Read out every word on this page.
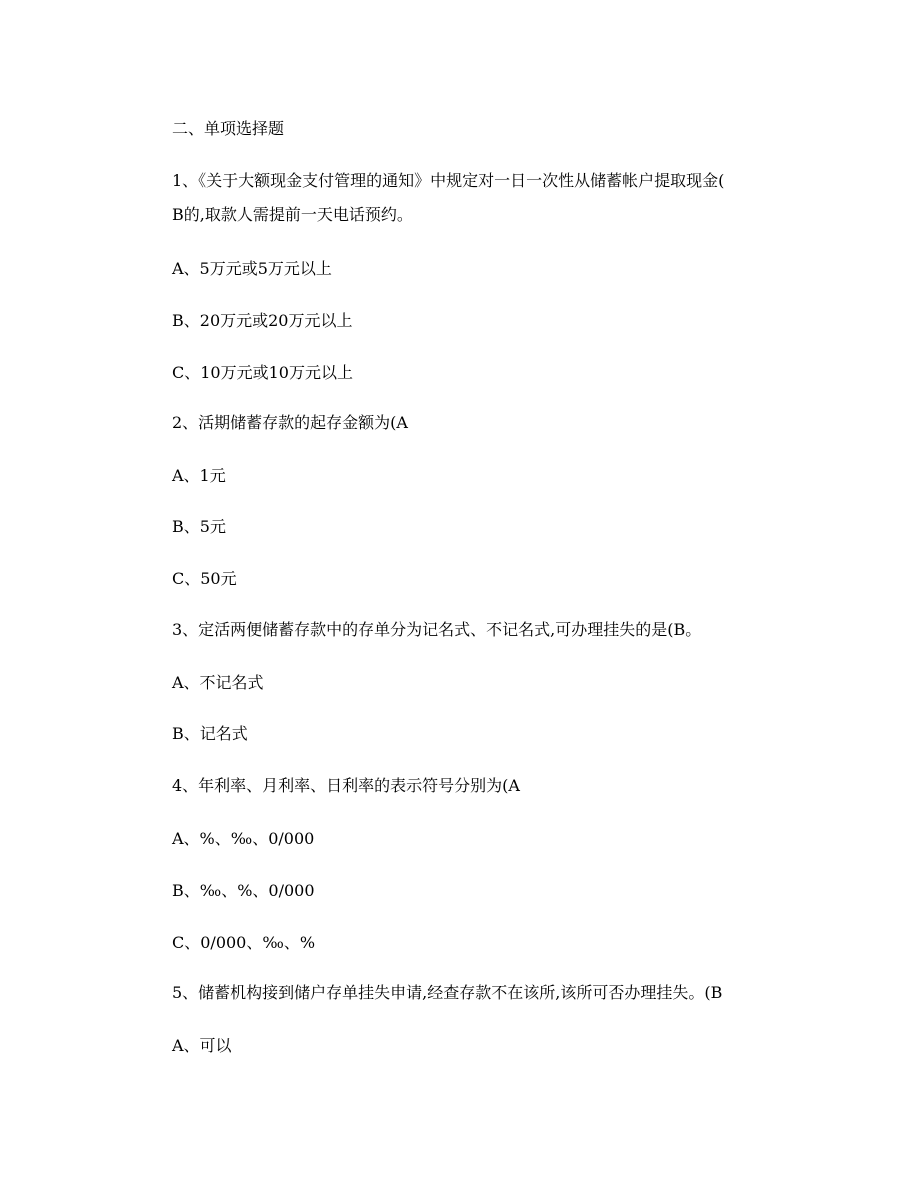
二、单项选择题
1、《关于大额现金支付管理的通知》中规定对一日一次性从储蓄帐户提取现金(
B的,取款人需提前一天电话预约。
A、5万元或5万元以上
B、20万元或20万元以上
C、10万元或10万元以上
2、活期储蓄存款的起存金额为(A
A、1元
B、5元
C、50元
3、定活两便储蓄存款中的存单分为记名式、不记名式,可办理挂失的是(B。
A、不记名式
B、记名式
4、年利率、月利率、日利率的表示符号分别为(A
A、%、‰、0/000
B、‰、%、0/000
C、0/000、‰、%
5、储蓄机构接到储户存单挂失申请,经查存款不在该所,该所可否办理挂失。(B
A、可以
